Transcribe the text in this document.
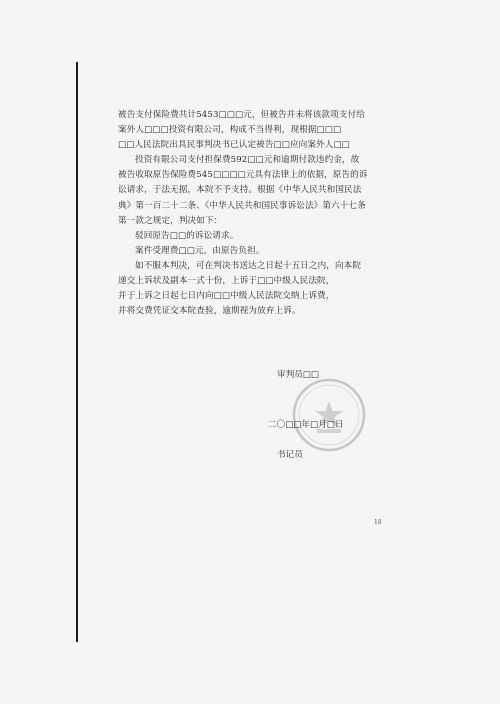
被告支付保险费共计5453□□□元，但被告并未将该款项支付给
案外人□□□投资有限公司，构成不当得利，现根据□□□
□□人民法院出具民事判决书已认定被告□□应向案外人□□
投资有限公司支付担保费592□□元和逾期付款违约金，故
被告收取原告保险费545□□□□元具有法律上的依据，原告的诉
讼请求，于法无据，本院不予支持。根据《中华人民共和国民法
典》第一百二十二条、《中华人民共和国民事诉讼法》第六十七条
第一款之规定，判决如下：
驳回原告□□的诉讼请求。
案件受理费□□元，由原告负担。
如不服本判决，可在判决书送达之日起十五日之内，向本院
递交上诉状及副本一式十份，上诉于□□中级人民法院，
并于上诉之日起七日内向□□中级人民法院交纳上诉费，
并将交费凭证交本院查验，逾期视为放弃上诉。
审判员□□
二〇□□年□月□日
书记员
18
